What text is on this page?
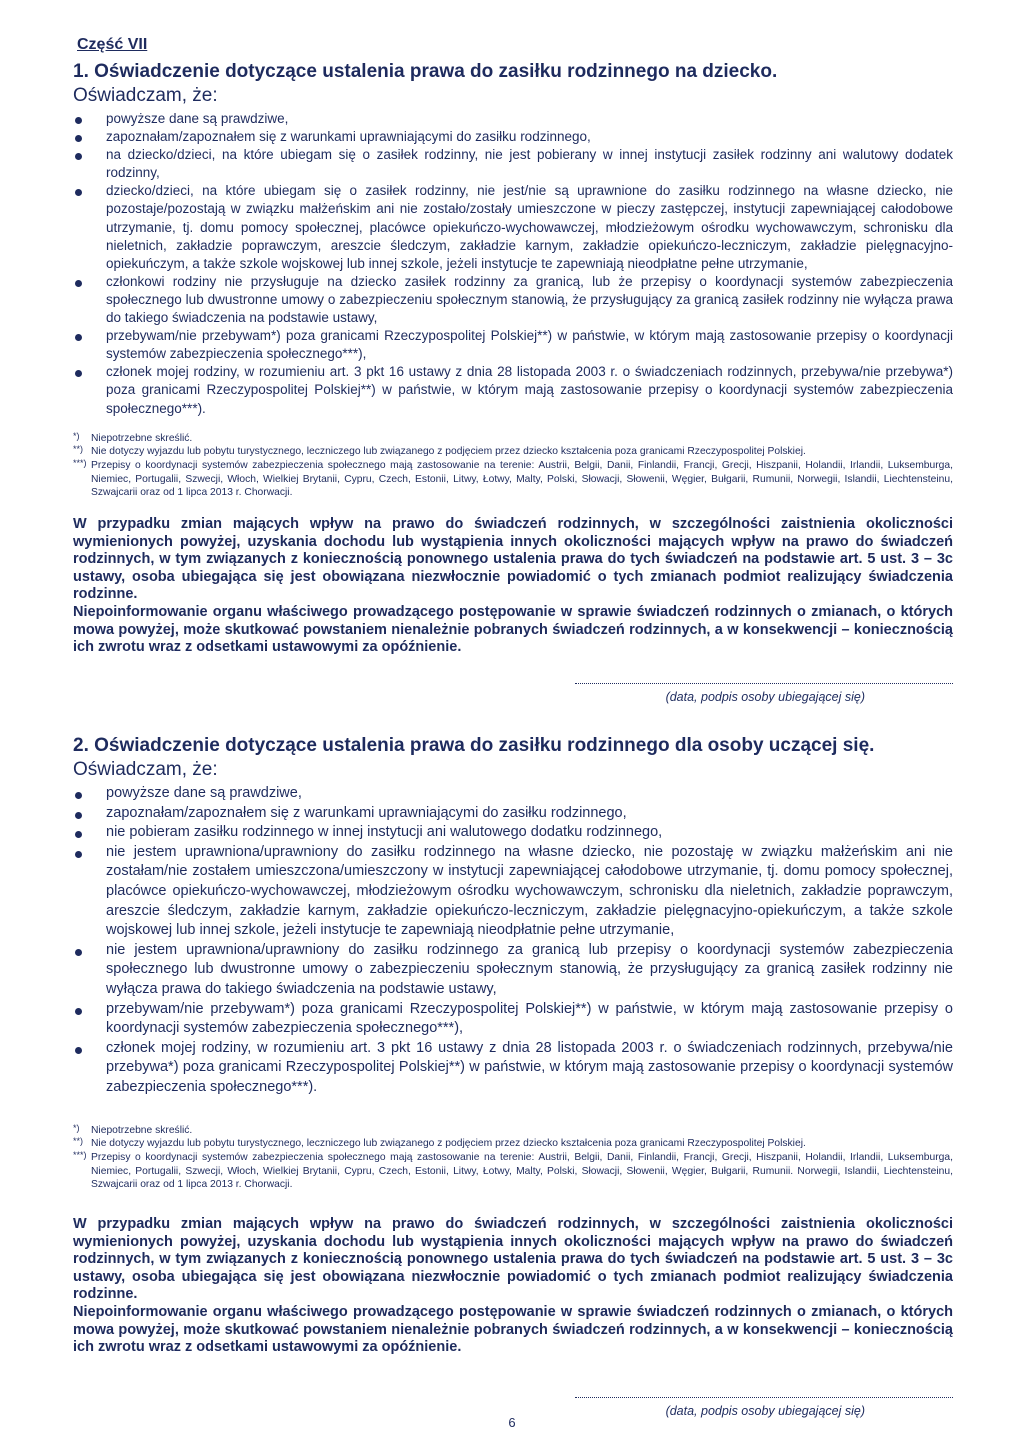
Część VII
1. Oświadczenie dotyczące ustalenia prawa do zasiłku rodzinnego na dziecko.
Oświadczam, że:
powyższe dane są prawdziwe,
zapoznałam/zapoznałem się z warunkami uprawniającymi do zasiłku rodzinnego,
na dziecko/dzieci, na które ubiegam się o zasiłek rodzinny, nie jest pobierany w innej instytucji zasiłek rodzinny ani walutowy dodatek rodzinny,
dziecko/dzieci, na które ubiegam się o zasiłek rodzinny, nie jest/nie są uprawnione do zasiłku rodzinnego na własne dziecko, nie pozostaje/pozostają w związku małżeńskim ani nie zostało/zostały umieszczone w pieczy zastępczej, instytucji zapewniającej całodobowe utrzymanie, tj. domu pomocy społecznej, placówce opiekuńczo-wychowawczej, młodzieżowym ośrodku wychowawczym, schronisku dla nieletnich, zakładzie poprawczym, areszcie śledczym, zakładzie karnym, zakładzie opiekuńczo-leczniczym, zakładzie pielęgnacyjno-opiekuńczym, a także szkole wojskowej lub innej szkole, jeżeli instytucje te zapewniają nieodpłatne pełne utrzymanie,
członkowi rodziny nie przysługuje na dziecko zasiłek rodzinny za granicą, lub że przepisy o koordynacji systemów zabezpieczenia społecznego lub dwustronne umowy o zabezpieczeniu społecznym stanowią, że przysługujący za granicą zasiłek rodzinny nie wyłącza prawa do takiego świadczenia na podstawie ustawy,
przebywam/nie przebywam*) poza granicami Rzeczypospolitej Polskiej**) w państwie, w którym mają zastosowanie przepisy o koordynacji systemów zabezpieczenia społecznego***),
członek mojej rodziny, w rozumieniu art. 3 pkt 16 ustawy z dnia 28 listopada 2003 r. o świadczeniach rodzinnych, przebywa/nie przebywa*) poza granicami Rzeczypospolitej Polskiej**) w państwie, w którym mają zastosowanie przepisy o koordynacji systemów zabezpieczenia społecznego***).
*) Niepotrzebne skreślić.
**) Nie dotyczy wyjazdu lub pobytu turystycznego, leczniczego lub związanego z podjęciem przez dziecko kształcenia poza granicami Rzeczypospolitej Polskiej.
***) Przepisy o koordynacji systemów zabezpieczenia społecznego mają zastosowanie na terenie: Austrii, Belgii, Danii, Finlandii, Francji, Grecji, Hiszpanii, Holandii, Irlandii, Luksemburga, Niemiec, Portugalii, Szwecji, Włoch, Wielkiej Brytanii, Cypru, Czech, Estonii, Litwy, Łotwy, Malty, Polski, Słowacji, Słowenii, Węgier, Bułgarii, Rumunii, Norwegii, Islandii, Liechtensteinu, Szwajcarii oraz od 1 lipca 2013 r. Chorwacji.
W przypadku zmian mających wpływ na prawo do świadczeń rodzinnych, w szczególności zaistnienia okoliczności wymienionych powyżej, uzyskania dochodu lub wystąpienia innych okoliczności mających wpływ na prawo do świadczeń rodzinnych, w tym związanych z koniecznością ponownego ustalenia prawa do tych świadczeń na podstawie art. 5 ust. 3 – 3c ustawy, osoba ubiegająca się jest obowiązana niezwłocznie powiadomić o tych zmianach podmiot realizujący świadczenia rodzinne.
Niepoinformowanie organu właściwego prowadzącego postępowanie w sprawie świadczeń rodzinnych o zmianach, o których mowa powyżej, może skutkować powstaniem nienależnie pobranych świadczeń rodzinnych, a w konsekwencji – koniecznością ich zwrotu wraz z odsetkami ustawowymi za opóźnienie.
(data, podpis osoby ubiegającej się)
2. Oświadczenie dotyczące ustalenia prawa do zasiłku rodzinnego dla osoby uczącej się.
Oświadczam, że:
powyższe dane są prawdziwe,
zapoznałam/zapoznałem się z warunkami uprawniającymi do zasiłku rodzinnego,
nie pobieram zasiłku rodzinnego w innej instytucji ani walutowego dodatku rodzinnego,
nie jestem uprawniona/uprawniony do zasiłku rodzinnego na własne dziecko, nie pozostaję w związku małżeńskim ani nie zostałam/nie zostałem umieszczona/umieszczony w instytucji zapewniającej całodobowe utrzymanie, tj. domu pomocy społecznej, placówce opiekuńczo-wychowawczej, młodzieżowym ośrodku wychowawczym, schronisku dla nieletnich, zakładzie poprawczym, areszcie śledczym, zakładzie karnym, zakładzie opiekuńczo-leczniczym, zakładzie pielęgnacyjno-opiekuńczym, a także szkole wojskowej lub innej szkole, jeżeli instytucje te zapewniają nieodpłatnie pełne utrzymanie,
nie jestem uprawniona/uprawniony do zasiłku rodzinnego za granicą lub przepisy o koordynacji systemów zabezpieczenia społecznego lub dwustronne umowy o zabezpieczeniu społecznym stanowią, że przysługujący za granicą zasiłek rodzinny nie wyłącza prawa do takiego świadczenia na podstawie ustawy,
przebywam/nie przebywam*) poza granicami Rzeczypospolitej Polskiej**) w państwie, w którym mają zastosowanie przepisy o koordynacji systemów zabezpieczenia społecznego***),
członek mojej rodziny, w rozumieniu art. 3 pkt 16 ustawy z dnia 28 listopada 2003 r. o świadczeniach rodzinnych, przebywa/nie przebywa*) poza granicami Rzeczypospolitej Polskiej**) w państwie, w którym mają zastosowanie przepisy o koordynacji systemów zabezpieczenia społecznego***).
*) Niepotrzebne skreślić.
**) Nie dotyczy wyjazdu lub pobytu turystycznego, leczniczego lub związanego z podjęciem przez dziecko kształcenia poza granicami Rzeczypospolitej Polskiej.
***) Przepisy o koordynacji systemów zabezpieczenia społecznego mają zastosowanie na terenie: Austrii, Belgii, Danii, Finlandii, Francji, Grecji, Hiszpanii, Holandii, Irlandii, Luksemburga, Niemiec, Portugalii, Szwecji, Włoch, Wielkiej Brytanii, Cypru, Czech, Estonii, Litwy, Łotwy, Malty, Polski, Słowacji, Słowenii, Węgier, Bułgarii, Rumunii. Norwegii, Islandii, Liechtensteinu, Szwajcarii oraz od 1 lipca 2013 r. Chorwacji.
W przypadku zmian mających wpływ na prawo do świadczeń rodzinnych, w szczególności zaistnienia okoliczności wymienionych powyżej, uzyskania dochodu lub wystąpienia innych okoliczności mających wpływ na prawo do świadczeń rodzinnych, w tym związanych z koniecznością ponownego ustalenia prawa do tych świadczeń na podstawie art. 5 ust. 3 – 3c ustawy, osoba ubiegająca się jest obowiązana niezwłocznie powiadomić o tych zmianach podmiot realizujący świadczenia rodzinne.
Niepoinformowanie organu właściwego prowadzącego postępowanie w sprawie świadczeń rodzinnych o zmianach, o których mowa powyżej, może skutkować powstaniem nienależnie pobranych świadczeń rodzinnych, a w konsekwencji – koniecznością ich zwrotu wraz z odsetkami ustawowymi za opóźnienie.
(data, podpis osoby ubiegającej się)
6
